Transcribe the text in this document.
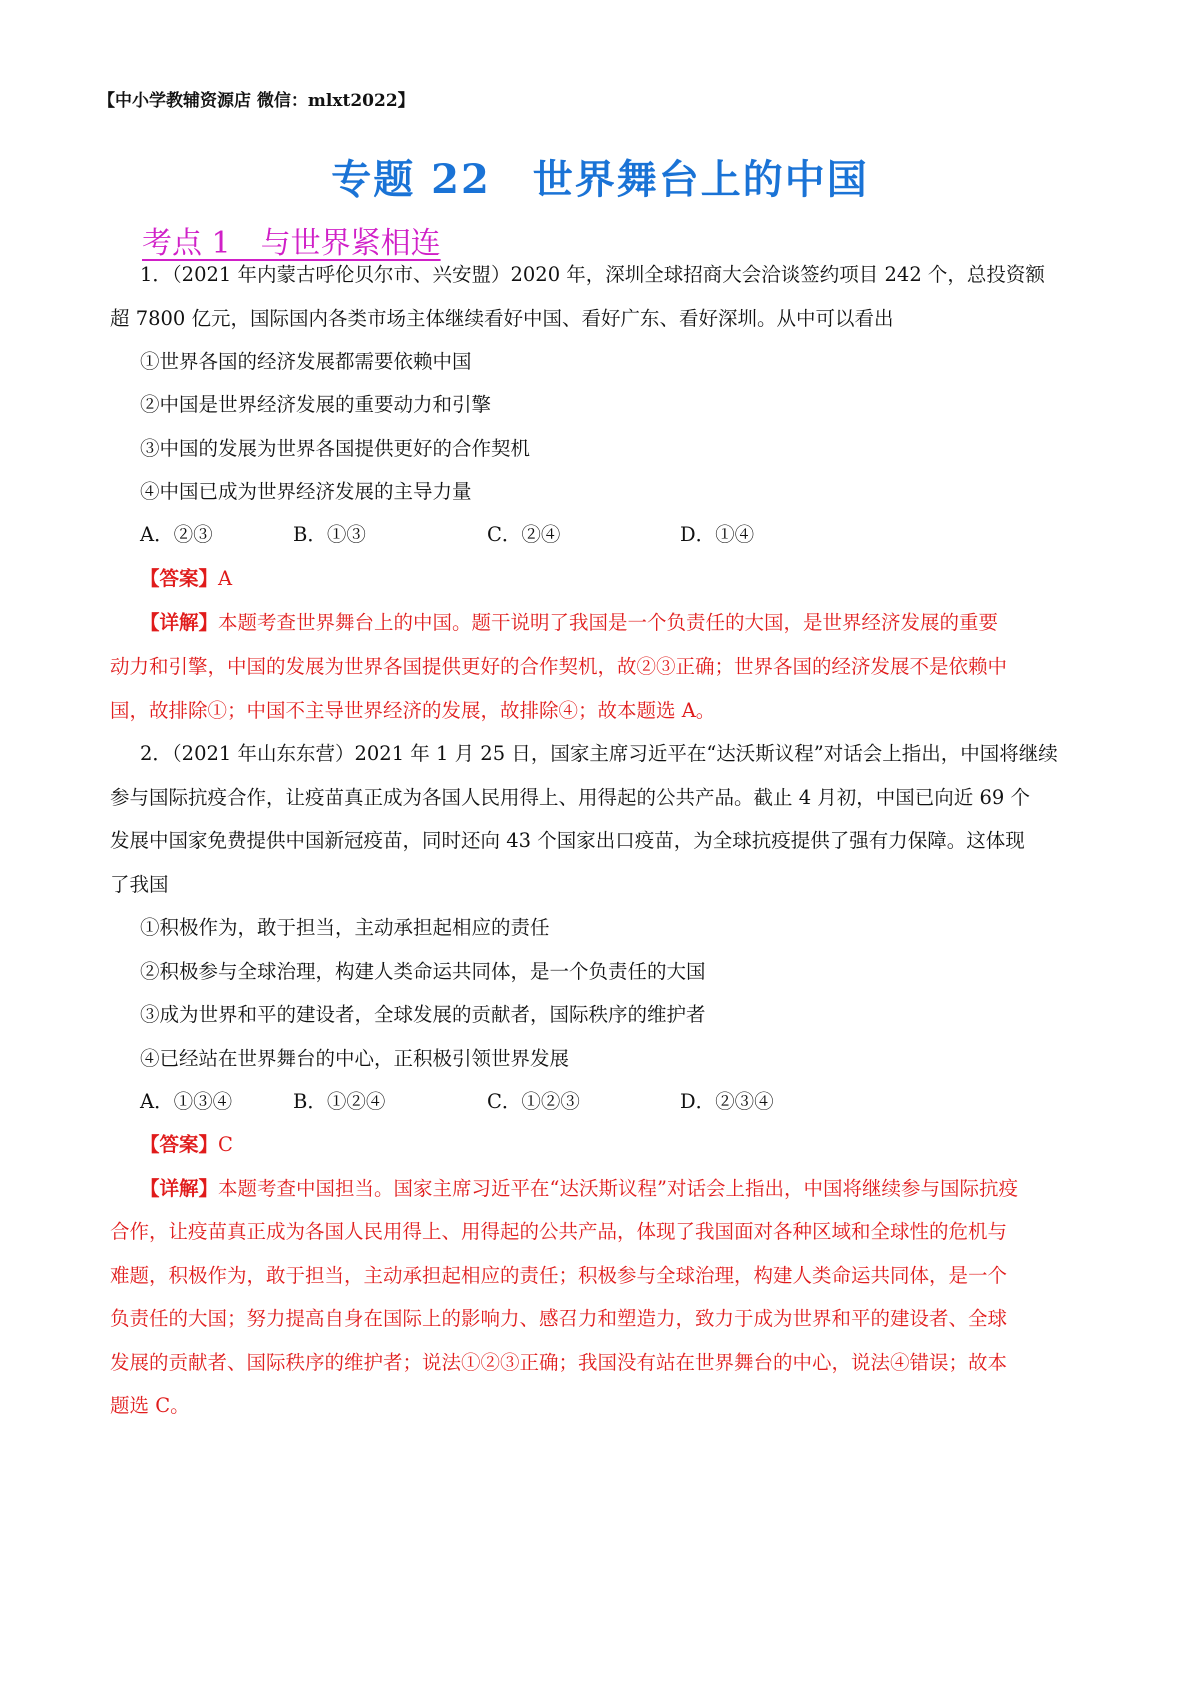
【中小学教辅资源店 微信：mlxt2022】
专题 22　世界舞台上的中国
考点 1　与世界紧相连
1．（2021 年内蒙古呼伦贝尔市、兴安盟）2020 年，深圳全球招商大会洽谈签约项目 242 个，总投资额
超 7800 亿元，国际国内各类市场主体继续看好中国、看好广东、看好深圳。从中可以看出
①世界各国的经济发展都需要依赖中国
②中国是世界经济发展的重要动力和引擎
③中国的发展为世界各国提供更好的合作契机
④中国已成为世界经济发展的主导力量
A．②③	B．①③	C．②④	D．①④
【答案】A
【详解】本题考查世界舞台上的中国。题干说明了我国是一个负责任的大国，是世界经济发展的重要
动力和引擎，中国的发展为世界各国提供更好的合作契机，故②③正确；世界各国的经济发展不是依赖中
国，故排除①；中国不主导世界经济的发展，故排除④；故本题选 A。
2．（2021 年山东东营）2021 年 1 月 25 日，国家主席习近平在“达沃斯议程”对话会上指出，中国将继续
参与国际抗疫合作，让疫苗真正成为各国人民用得上、用得起的公共产品。截止 4 月初，中国已向近 69 个
发展中国家免费提供中国新冠疫苗，同时还向 43 个国家出口疫苗，为全球抗疫提供了强有力保障。这体现
了我国
①积极作为，敢于担当，主动承担起相应的责任
②积极参与全球治理，构建人类命运共同体，是一个负责任的大国
③成为世界和平的建设者，全球发展的贡献者，国际秩序的维护者
④已经站在世界舞台的中心，正积极引领世界发展
A．①③④	B．①②④	C．①②③	D．②③④
【答案】C
【详解】本题考查中国担当。国家主席习近平在“达沃斯议程”对话会上指出，中国将继续参与国际抗疫
合作，让疫苗真正成为各国人民用得上、用得起的公共产品，体现了我国面对各种区域和全球性的危机与
难题，积极作为，敢于担当，主动承担起相应的责任；积极参与全球治理，构建人类命运共同体，是一个
负责任的大国；努力提高自身在国际上的影响力、感召力和塑造力，致力于成为世界和平的建设者、全球
发展的贡献者、国际秩序的维护者；说法①②③正确；我国没有站在世界舞台的中心，说法④错误；故本
题选 C。
